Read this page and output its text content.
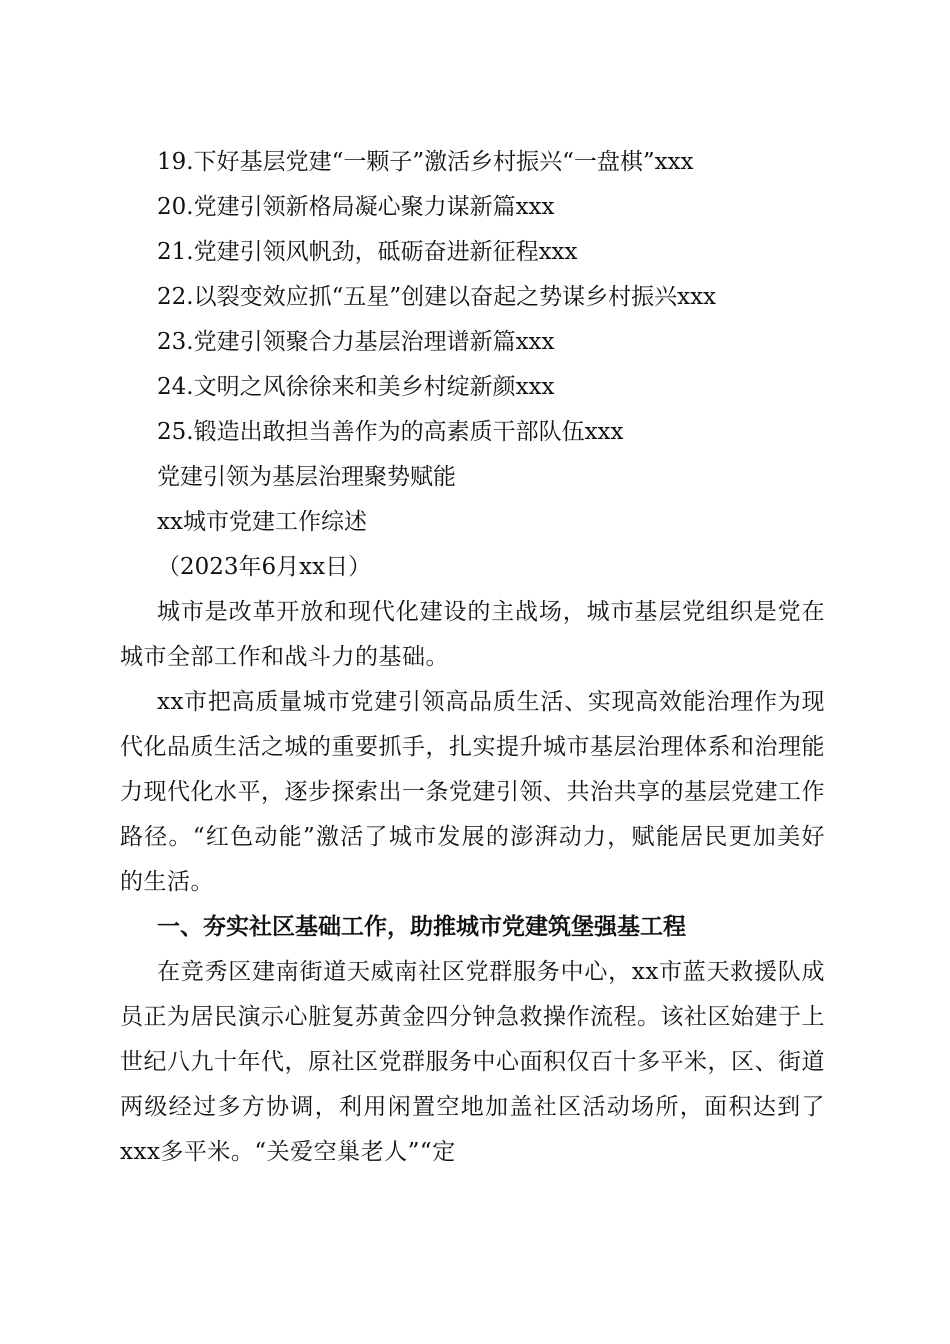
19.下好基层党建“一颗子”激活乡村振兴“一盘棋”xxx

20.党建引领新格局凝心聚力谋新篇xxx

21.党建引领风帆劲，砥砺奋进新征程xxx

22.以裂变效应抓“五星”创建以奋起之势谋乡村振兴xxx

23.党建引领聚合力基层治理谱新篇xxx

24.文明之风徐徐来和美乡村绽新颜xxx

25.锻造出敢担当善作为的高素质干部队伍xxx

党建引领为基层治理聚势赋能

xx城市党建工作综述

（2023年6月xx日）

城市是改革开放和现代化建设的主战场，城市基层党组织是党在城市全部工作和战斗力的基础。

xx市把高质量城市党建引领高品质生活、实现高效能治理作为现代化品质生活之城的重要抓手，扎实提升城市基层治理体系和治理能力现代化水平，逐步探索出一条党建引领、共治共享的基层党建工作路径。“红色动能”激活了城市发展的澎湃动力，赋能居民更加美好的生活。

一、夯实社区基础工作，助推城市党建筑堡强基工程

在竞秀区建南街道天威南社区党群服务中心，xx市蓝天救援队成员正为居民演示心脏复苏黄金四分钟急救操作流程。该社区始建于上世纪八九十年代，原社区党群服务中心面积仅百十多平米，区、街道两级经过多方协调，利用闲置空地加盖社区活动场所，面积达到了xxx多平米。“关爱空巢老人”“定
